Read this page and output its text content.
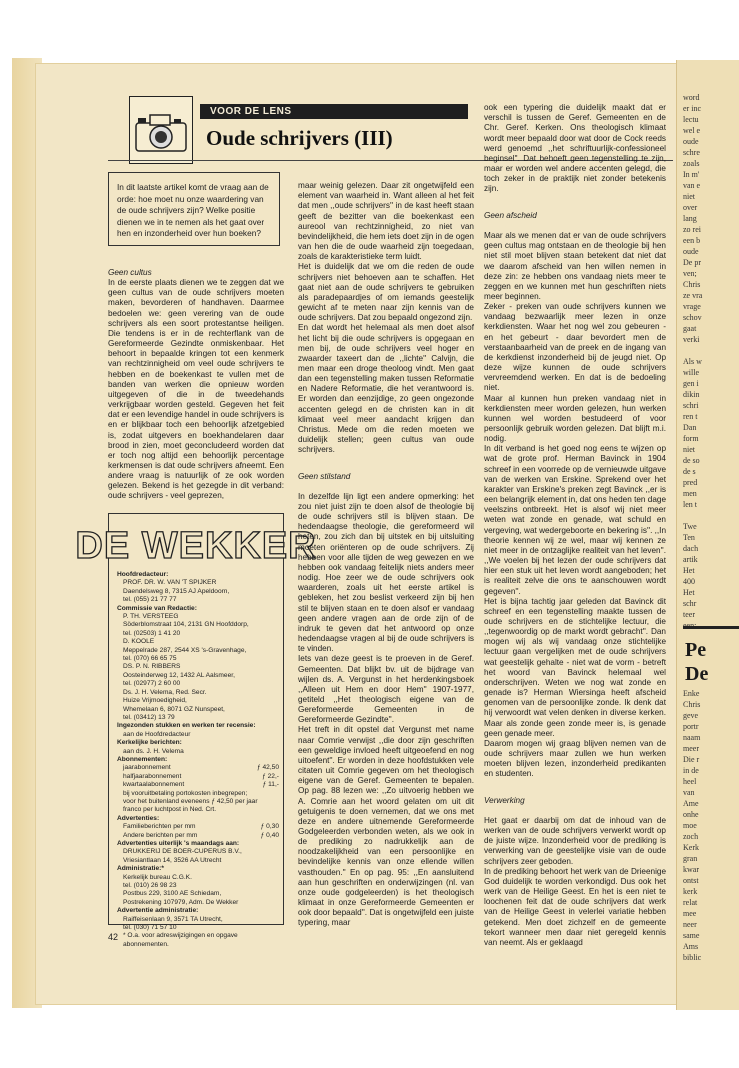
word
er inc
lectu
wel e
oude
schre
zoals
In m'
van e
niet
over
lang
zo rei
een b
oude
De pr
ven;
Chris
ze vra
vrage
schov
gaat
verki

Als w
wille
gen i
dikin
schri
ren t
Dan
form
niet
de so
de s
pred
men
len t

Twe
Ten
dach
artik
Het
400
Het
schr
teer

Pe
De
Enke
Chris
geve
portr
naam
meer
Die r
in de
heel
van
Ame
onhe
moe
zoch
Kerk
gran
kwar
ontst
kerk
relat
mee
neer
same
Ams
biblic
VOOR DE LENS
Oude schrijvers (III)
In dit laatste artikel komt de vraag aan de orde: hoe moet nu onze waardering van de oude schrijvers zijn? Welke positie dienen we in te nemen als het gaat over hen en inzonderheid over hun boeken?

Geen cultus

In de eerste plaats dienen we te zeggen dat we geen cultus van de oude schrijvers moeten maken, bevorderen of handhaven. Daarmee bedoelen we: geen verering van de oude schrijvers als een soort protestantse heiligen. Die tendens is er in de rechterflank van de Gereformeerde Gezindte onmiskenbaar. Het behoort in bepaalde kringen tot een kenmerk van rechtzinnigheid om veel oude schrijvers te hebben en de boekenkast te vullen met de banden van werken die opnieuw worden uitgegeven of die in de tweedehands verkrijgbaar worden gesteld. Gegeven het feit dat er een levendige handel in oude schrijvers is en er blijkbaar toch een behoorlijk afzetgebied is, zodat uitgevers en boekhandelaren daar brood in zien, moet geconcludeerd worden dat er toch nog altijd een behoorlijk percentage kerkmensen is dat oude schrijvers afneemt. Een andere vraag is natuurlijk of ze ook worden gelezen. Bekend is het gezegde in dit verband: oude schrijvers - veel geprezen,

DE WEKKER
Hoofdredacteur:
PROF. DR. W. VAN 'T SPIJKER
Daendelsweg 8, 7315 AJ Apeldoorn,
tel. (055) 21 77 77
Commissie van Redactie:
P. TH. VERSTEEG
Söderblomstraat 104, 2131 GN Hoofddorp,
tel. (02503) 1 41 20
D. KOOLE
Meppelrade 287, 2544 XS 's-Gravenhage,
tel. (070) 66 65 75
DS. P. N. RIBBERS
Oosteinderweg 12, 1432 AL Aalsmeer,
tel. (02977) 2 60 00
Ds. J. H. Velema, Red. Secr.
Huize Vrijmoedigheid,
Whemelaan 6, 8071 GZ Nunspeet,
tel. (03412) 13 79
Ingezonden stukken en werken ter recensie:
aan de Hoofdredacteur
Kerkelijke berichten:
aan ds. J. H. Velema
Abonnementen:
jaarabonnement	ƒ 42,50
halfjaarabonnement	ƒ 22,-
kwartaalabonnement	ƒ 11,-
bij vooruitbetaling portokosten inbegrepen;
voor het buitenland eveneens ƒ 42,50 per jaar
franco per luchtpost in Ned. Crt.
Advertenties:
Familieberichten per mm	ƒ 0,30
Andere berichten per mm	ƒ 0,40
Advertenties uiterlijk 's maandags aan:
DRUKKERIJ DE BOER-CUPERUS B.V.,
Vriesiantlaan 14, 3526 AA Utrecht
Administratie:*
Kerkelijk bureau C.G.K.
tel. (010) 26 98 23
Postbus 229, 3100 AE Schiedam,
Postrekening 107979, Adm. De Wekker
Advertentie administratie:
Raiffeisenlaan 9, 3571 TA Utrecht,
tel. (030) 71 57 10
* O.a. voor adreswijzigingen en opgave abonnementen.

maar weinig gelezen. Daar zit ongetwijfeld een element van waarheid in. Want alleen al het feit dat men ,,oude schrijvers'' in de kast heeft staan geeft de bezitter van die boekenkast een aureool van rechtzinnigheid, zo niet van bevindelijkheid, die hem iets doet zijn in de ogen van hen die de oude waarheid zijn toegedaan, zoals de karakteristieke term luidt.
Het is duidelijk dat we om die reden de oude schrijvers niet behoeven aan te schaffen. Het gaat niet aan de oude schrijvers te gebruiken als paradepaardjes of om iemands geestelijk gewicht af te meten naar zijn kennis van de oude schrijvers. Dat zou bepaald ongezond zijn.
En dat wordt het helemaal als men doet alsof het licht bij die oude schrijvers is opgegaan en men bij, de oude schrijvers veel hoger en zwaarder taxeert dan de ,,lichte'' Calvijn, die men maar een droge theoloog vindt. Men gaat dan een tegenstelling maken tussen Reformatie en Nadere Reformatie, die het verantwoord is. Er worden dan eenzijdige, zo geen ongezonde accenten gelegd en de christen kan in dit klimaat veel meer aandacht krijgen dan Christus. Mede om die reden moeten we duidelijk stellen; geen cultus van oude schrijvers.

Geen stilstand

In dezelfde lijn ligt een andere opmerking: het zou niet juist zijn te doen alsof de theologie bij de oude schrijvers stil is blijven staan. De hedendaagse theologie, die gereformeerd wil heten, zou zich dan bij uitstek en bij uitsluiting moeten oriënteren op de oude schrijvers. Zij hebben voor alle tijden de weg gewezen en we hebben ook vandaag feitelijk niets anders meer nodig. Hoe zeer we de oude schrijvers ook waarderen, zoals uit het eerste artikel is gebleken, het zou beslist verkeerd zijn bij hen stil te blijven staan en te doen alsof er vandaag geen andere vragen aan de orde zijn of de indruk te geven dat het antwoord op onze hedendaagse vragen al bij de oude schrijvers is te vinden.
Iets van deze geest is te proeven in de Geref. Gemeenten. Dat blijkt bv. uit de bijdrage van wijlen ds. A. Vergunst in het herdenkingsboek ,,Alleen uit Hem en door Hem'' 1907-1977, getiteld ,,Het theologisch eigene van de Gereformeerde Gemeenten in de Gereformeerde Gezindte''.
Het treft in dit opstel dat Vergunst met name naar Comrie verwijst ,,die door zijn geschriften een geweldige invloed heeft uitgeoefend en nog uitoefent''. Er worden in deze hoofdstukken vele citaten uit Comrie gegeven om het theologisch eigene van de Geref. Gemeenten te bepalen. Op pag. 88 lezen we: ,,Zo uitvoerig hebben we A. Comrie aan het woord gelaten om uit dit getuigenis te doen vernemen, dat we ons met deze en andere uitnemende Gereformeerde Godgeleerden verbonden weten, als we ook in de prediking zo nadrukkelijk aan de noodzakelijkheid van een persoonlijke en bevindelijke kennis van onze ellende willen vasthouden.'' En op pag. 95: ,,En aansluitend aan hun geschriften en onderwijzingen (nl. van onze oude godgeleerden) is het theologisch klimaat in onze Gereformeerde Gemeenten er ook door bepaald''. Dat is ongetwijfeld een juiste typering, maar

ook een typering die duidelijk maakt dat er verschil is tussen de Geref. Gemeenten en de Chr. Geref. Kerken. Ons theologisch klimaat wordt meer bepaald door wat door de Cock reeds werd genoemd ,,het schriftuurlijk-confessioneel beginsel''. Dat behoeft geen tegenstelling te zijn, maar er worden wel andere accenten gelegd, die toch zeker in de praktijk niet zonder betekenis zijn.

Geen afscheid

Maar als we menen dat er van de oude schrijvers geen cultus mag ontstaan en de theologie bij hen niet stil moet blijven staan betekent dat niet dat we daarom afscheid van hen willen nemen in deze zin: ze hebben ons vandaag niets meer te zeggen en we kunnen met hun geschriften niets meer beginnen.
Zeker - preken van oude schrijvers kunnen we vandaag bezwaarlijk meer lezen in onze kerkdiensten. Waar het nog wel zou gebeuren - en het gebeurt - daar bevordert men de verstaanbaarheid van de preek en de ingang van de kerkdienst inzonderheid bij de jeugd niet. Op deze wijze kunnen de oude schrijvers vervreemdend werken. En dat is de bedoeling niet.
Maar al kunnen hun preken vandaag niet in kerkdiensten meer worden gelezen, hun werken kunnen wel worden bestudeerd of voor persoonlijk gebruik worden gelezen. Dat blijft m.i. nodig.
In dit verband is het goed nog eens te wijzen op wat de grote prof. Herman Bavinck in 1904 schreef in een voorrede op de vernieuwde uitgave van de werken van Erskine. Sprekend over het karakter van Erskine's preken zegt Bavinck ,,er is een belangrijk element in, dat ons heden ten dage veelszins ontbreekt. Het is alsof wij niet meer weten wat zonde en genade, wat schuld en vergeving, wat wedergeboorte en bekering is''. ,,In theorie kennen wij ze wel, maar wij kennen ze niet meer in de ontzaglijke realiteit van het leven''. ,,We voelen bij het lezen der oude schrijvers dat hier een stuk uit het leven wordt aangeboden; het is realiteit zelve die ons te aanschouwen wordt gegeven''.
Het is bijna tachtig jaar geleden dat Bavinck dit schreef en een tegenstelling maakte tussen de oude schrijvers en de stichtelijke lectuur, die ,,tegenwoordig op de markt wordt gebracht''. Dan mogen wij als wij vandaag onze stichtelijke lectuur gaan vergelijken met de oude schrijvers wat geestelijk gehalte - niet wat de vorm - betreft het woord van Bavinck helemaal wel onderschrijven. Weten we nog wat zonde en genade is? Herman Wiersinga heeft afscheid genomen van de persoonlijke zonde. Ik denk dat hij verwoordt wat velen denken in diverse kerken. Maar als zonde geen zonde meer is, is genade geen genade meer.
Daarom mogen wij graag blijven nemen van de oude schrijvers maar zullen we hun werken moeten blijven lezen, inzonderheid predikanten en studenten.

Verwerking

Het gaat er daarbij om dat de inhoud van de werken van de oude schrijvers verwerkt wordt op de juiste wijze. Inzonderheid voor de prediking is verwerking van de geestelijke visie van de oude schrijvers zeer geboden.
In de prediking behoort het werk van de Drieenige God duidelijk te worden verkondigd. Dus ook het werk van de Heilige Geest. En het is een niet te loochenen feit dat de oude schrijvers dat werk van de Heilige Geest in velerlei variatie hebben getekend. Men doet zichzelf en de gemeente tekort wanneer men daar niet geregeld kennis van neemt. Als er geklaagd

42
